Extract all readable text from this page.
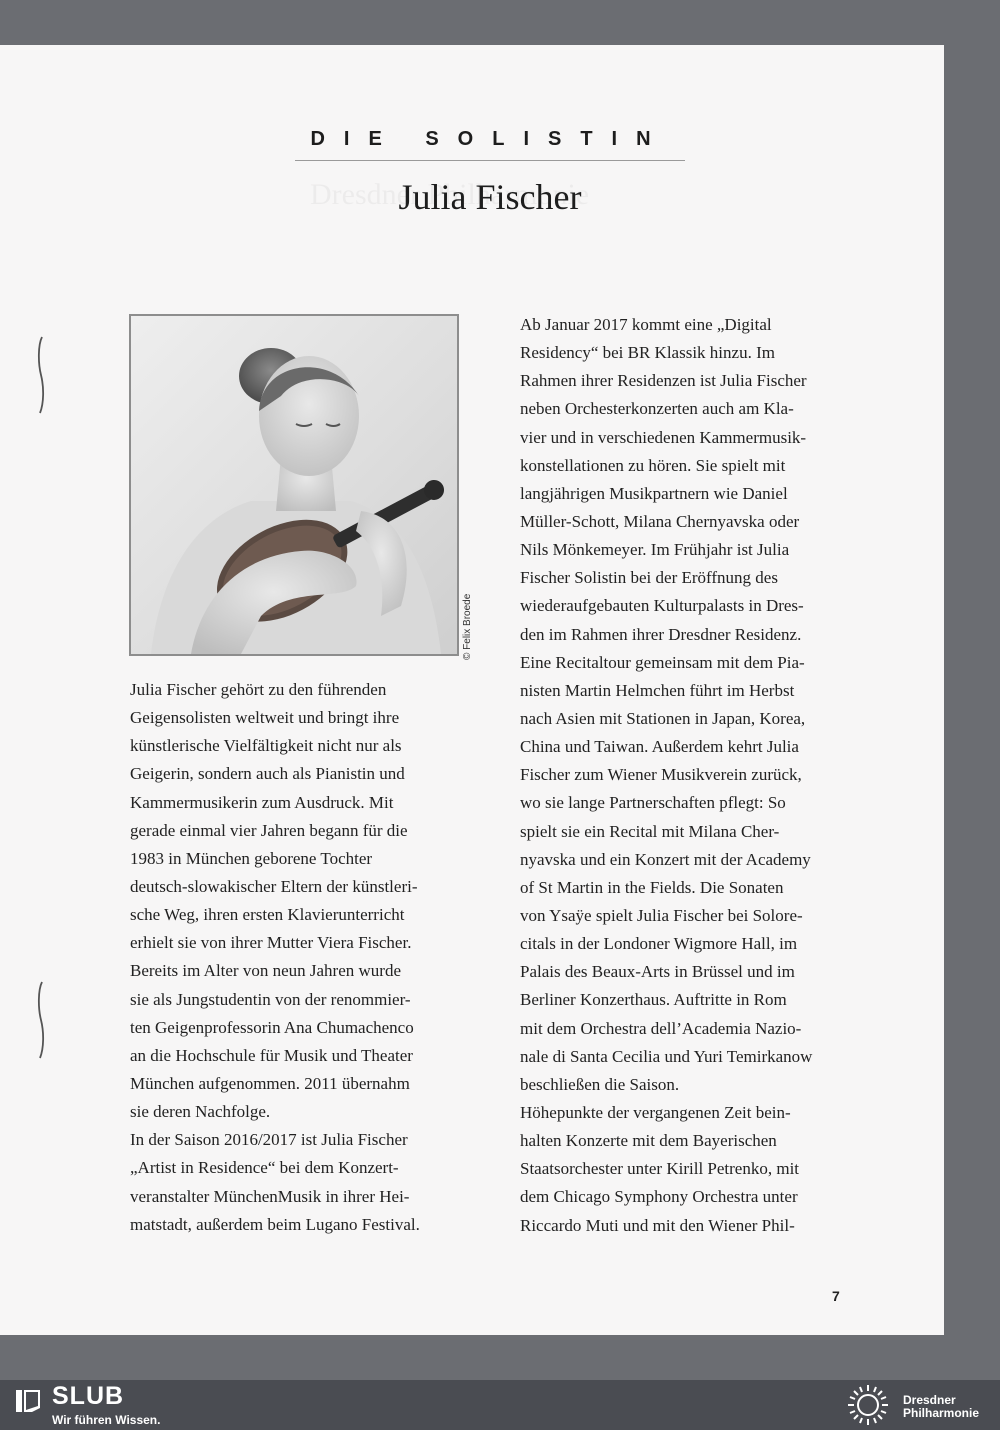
DIE SOLISTIN
Julia Fischer
© Felix Broede
Julia Fischer gehört zu den führenden
Geigensolisten weltweit und bringt ihre
künstlerische Vielfältigkeit nicht nur als
Geigerin, sondern auch als Pianistin und
Kammermusikerin zum Ausdruck. Mit
gerade einmal vier Jahren begann für die
1983 in München geborene Tochter
deutsch-slowakischer Eltern der künstleri-
sche Weg, ihren ersten Klavierunterricht
erhielt sie von ihrer Mutter Viera Fischer.
Bereits im Alter von neun Jahren wurde
sie als Jungstudentin von der renommier-
ten Geigenprofessorin Ana Chumachenco
an die Hochschule für Musik und Theater
München aufgenommen. 2011 übernahm
sie deren Nachfolge.
In der Saison 2016/2017 ist Julia Fischer
„Artist in Residence“ bei dem Konzert-
veranstalter MünchenMusik in ihrer Hei-
matstadt, außerdem beim Lugano Festival.
Ab Januar 2017 kommt eine „Digital
Residency“ bei BR Klassik hinzu. Im
Rahmen ihrer Residenzen ist Julia Fischer
neben Orchesterkonzerten auch am Kla-
vier und in verschiedenen Kammermusik-
konstellationen zu hören. Sie spielt mit
langjährigen Musikpartnern wie Daniel
Müller-Schott, Milana Chernyavska oder
Nils Mönkemeyer. Im Frühjahr ist Julia
Fischer Solistin bei der Eröffnung des
wiederaufgebauten Kulturpalasts in Dres-
den im Rahmen ihrer Dresdner Residenz.
Eine Recitaltour gemeinsam mit dem Pia-
nisten Martin Helmchen führt im Herbst
nach Asien mit Stationen in Japan, Korea,
China und Taiwan. Außerdem kehrt Julia
Fischer zum Wiener Musikverein zurück,
wo sie lange Partnerschaften pflegt: So
spielt sie ein Recital mit Milana Cher-
nyavska und ein Konzert mit der Academy
of St Martin in the Fields. Die Sonaten
von Ysaÿe spielt Julia Fischer bei Solore-
citals in der Londoner Wigmore Hall, im
Palais des Beaux-Arts in Brüssel und im
Berliner Konzerthaus. Auftritte in Rom
mit dem Orchestra dell’Academia Nazio-
nale di Santa Cecilia und Yuri Temirkanow
beschließen die Saison.
Höhepunkte der vergangenen Zeit bein-
halten Konzerte mit dem Bayerischen
Staatsorchester unter Kirill Petrenko, mit
dem Chicago Symphony Orchestra unter
Riccardo Muti und mit den Wiener Phil-
7
SLUB
Wir führen Wissen.
Dresdner
Philharmonie
